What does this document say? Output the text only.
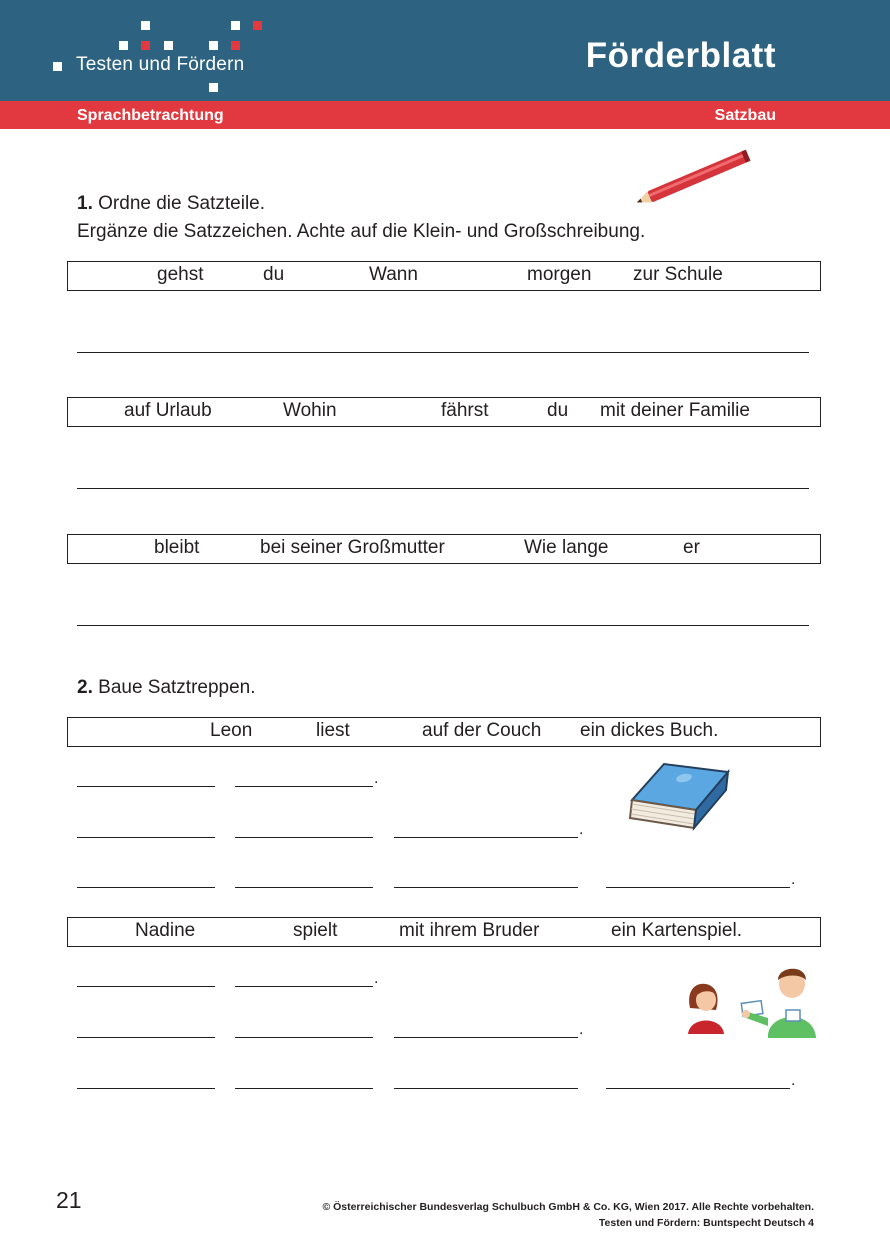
Testen und Fördern	Förderblatt
Sprachbetrachtung	Satzbau
1. Ordne die Satzteile.
Ergänze die Satzzeichen. Achte auf die Klein- und Großschreibung.
gehst	du	Wann	morgen zur Schule
auf Urlaub	Wohin	fährst	du mit deiner Familie
bleibt	bei seiner Großmutter	Wie lange	er
2. Baue Satztreppen.
Leon	liest	auf der Couch ein dickes Buch.
.
.
.
Nadine	spielt	mit ihrem Bruder	ein Kartenspiel.
.
.
.
21	© Österreichischer Bundesverlag Schulbuch GmbH & Co. KG, Wien 2017. Alle Rechte vorbehalten.
Testen und Fördern: Buntspecht Deutsch 4
